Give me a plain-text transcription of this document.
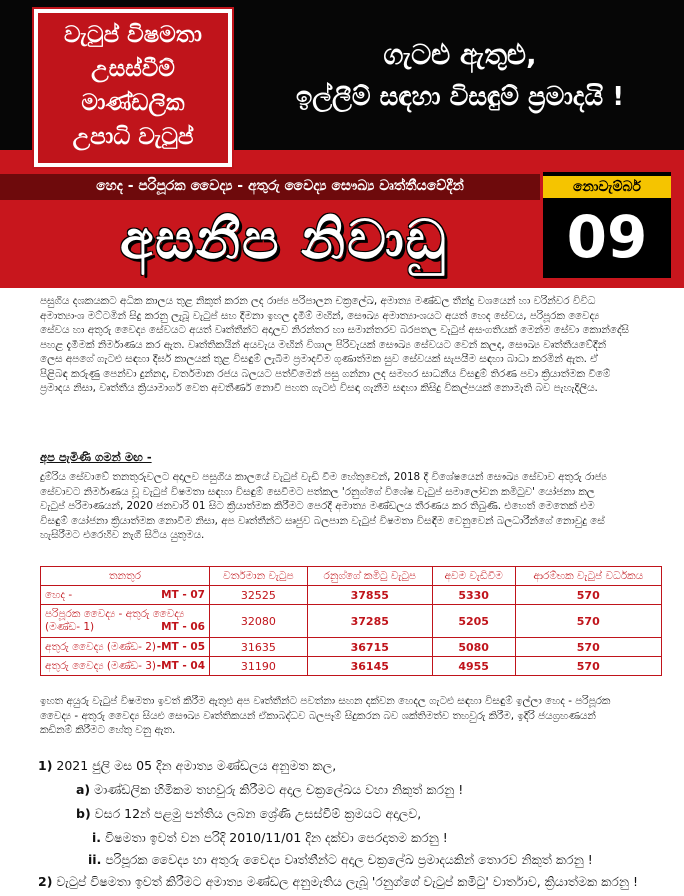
වැටුප් විෂමතා
උසස්වීම්
මාණ්ඩලික
උපාධි වැටුප්
ගැටළු ඇතුළු,
ඉල්ලීම් සඳහා විසඳුම් ප්‍රමාදයි !
හෙද - පරිපූරක වෛද්‍ය - අතුරු වෛද්‍ය සෞඛ්‍ය වෘත්තීයවේදීන්
අසනීප නිවාඩු
නොවැම්බර්
09
පසුගිය දශකයකට අධික කාලය තුළ නිකුත් කරන ලද රාජ්‍ය පරිපාලන චක්‍රලේඛ, අමාත්‍ය මණ්ඩල තීන්දු වශයෙන් හා වරින්වර විවිධ
අමාත්‍යාංශ මට්ටමින් සිදු කරනු ලැබූ වැටුප් සහ දීමනා ඉහල දැමීම් මඟින්, සෞඛ්‍ය අමාත්‍යාංශයට අයත් හෙද සේවය, පරිපූරක වෛද්‍ය
සේවය හා අතුරු වෛද්‍ය සේවයට අයත් වෘත්තීන්ට අදාලව නිරන්තර හා සමාන්තරව බරපතල වැටුප් අසංගතියක් මෙන්ම සේවා කොන්දේසි
පහළ දැමීමක් නිර්මාණය කර ඇත. වෘත්තිකයින් අයවැය මඟින් විශාල පිරිවැයක් සෞඛ්‍ය සේවයට වෙන් කලද, සෞඛ්‍ය වෘත්තීයවේදීන්
ලෙස අපගේ ගැටළු සඳහා දීර්ඝ කාලයක් තුළ විසඳුම් ලැබීම ප්‍රමාදවීම ගුණාත්මක සුව සේවයක් සැපයීම සඳහා බාධා කරමින් ඇත. ඒ
පිළිබඳ කරුණු පෙන්වා දුන්නද, වර්තමාන රජය බලයට පත්වීමෙන් පසු ගන්නා ලද සමහර සාධනීය විසඳුම් තිරණ පවා ක්‍රියාත්මක වීමේ
ප්‍රමාදය නිසා, වෘත්තීය ක්‍රියාමාර්ග වෙත අවතීර්ණ නොවී පහත ගැටළු විසඳා ගැනීම සඳහා කිසිදු විකල්පයක් නොමැති බව පැහැදිලිය.
අප පැමිණි ගමන් මඟ -
දුම්රිය සේවාවේ තනතුරුවලට අදාලව පසුගිය කාලයේ වැටුප් වැඩි වීම හේතුවෙන්, 2018 දී විශේෂයෙන් සෞඛ්‍ය සේවාව අතුරු රාජ්‍ය
සේවාවට නිර්මාණය වූ වැටුප් විෂමතා සඳහා විසඳුම් සෙවීමට පත්කල 'රනුග්ගේ විශේෂ වැටුප් සමාලෝචන කමිටුව' යෝජනා කල
වැටුප් පරිමාණයන්, 2020 ජනවාරි 01 සිට ක්‍රියාත්මක කිරීමට පෙරදී අමාත්‍ය මණ්ඩලය තීරණය කර තිබුණි. එහෙත් මෙතෙක් එම
විසඳුම් යෝජනා ක්‍රියාත්මක නොවීම නිසා, අප වෘත්තීන්ට සෘජුව බලපාන වැටුප් විෂමතා විසඳීම වෙනුවෙන් බලධාරීන්ගේ නොවුදු සේ
හැසිරීමට එරෙහිව නැගී සිටිය යුතුමය.
තනතුර	වර්තමාන වැටුප	රනුග්ගේ කමිටු වැටුප	අවම වැඩිවීම	ආරම්භක වැටුප් වර්ධකය
හෙද - MT - 07	32525	37855	5330	570
පරිපූරක වෛද්‍ය - අතුරු වෛද්‍ය (මණ්ඩ- 1) MT - 06	32080	37285	5205	570
අතුරු වෛද්‍ය (මණ්ඩ- 2) -MT - 05	31635	36715	5080	570
අතුරු වෛද්‍ය (මණ්ඩ- 3) -MT - 04	31190	36145	4955	570
ඉහත අයුරු වැටුප් විෂමතා ඉවත් කිරීම ඇතුළු අප වෘත්තීන්ට පවත්නා සහන දක්වන හෙදල ගැටළු සඳහා විසඳුම් ඉල්ලා හෙද - පරිපූරක
වෛද්‍ය - අතුරු වෛද්‍ය සියළු සෞඛ්‍ය වෘත්තිකයන් ඒකාබද්ධව බලපෑම් සිදුකරන බව ශක්තිමත්ව තහවුරු කිරීම, ඉදිරි ජයග්‍රහණයන්
කඩිනම් කිරීමට හේතු වනු ඇත.
1) 2021 ජුලි මස 05 දින අමාත්‍ය මණ්ඩලය අනුමත කල,
a) මාණ්ඩලික හිමිකම තහවුරු කිරීමට අදාල චක්‍රලේඛය වහා නිකුත් කරනු !
b) වසර 12න් පළමු පන්තිය ලබන ශ්‍රේණි උසස්වීම් ක්‍රමයට අදාලව,
i. විෂමතා ඉවත් වන පරිදි 2010/11/01 දින දක්වා පෙරදාතම කරනු !
ii. පරිපූරක වෛද්‍ය හා අතුරු වෛද්‍ය වෘත්තීන්ට අදාල චක්‍රලේඛ ප්‍රමාදයකින් තොරව නිකුත් කරනු !
2) වැටුප් විෂමතා ඉවත් කිරීමට අමාත්‍ය මණ්ඩල අනුමැතිය ලැබූ 'රනුග්ගේ වැටුප් කමිටු' වාර්තාව, ක්‍රියාත්මක කරනු !
